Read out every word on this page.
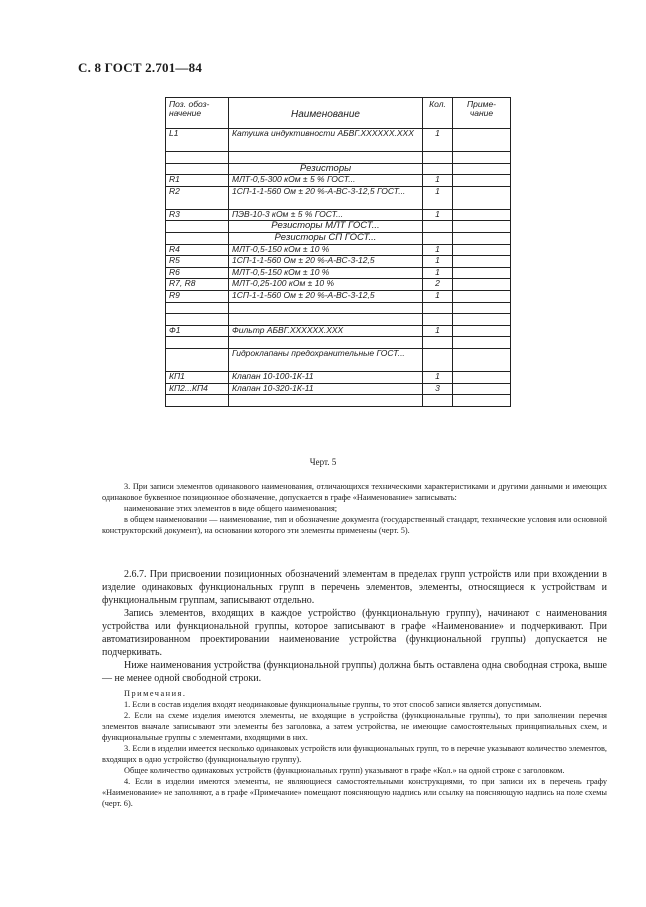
С. 8 ГОСТ 2.701—84
Поз. обоз-начение	Наименование	Кол.	Приме-чание
L1	Катушка индуктивности АБВГ.XXXXXX.XXX	1	

	Резисторы		
R1	МЛТ-0,5-300 кОм ± 5 % ГОСТ...	1	
R2	1СП-1-1-560 Ом ± 20 %-А-ВС-3-12,5 ГОСТ...	1	
R3	ПЭВ-10-3 кОм ± 5 % ГОСТ...	1	
	Резисторы МЛТ ГОСТ...		
	Резисторы СП ГОСТ...		
R4	МЛТ-0,5-150 кОм ± 10 %	1	
R5	1СП-1-1-560 Ом ± 20 %-А-ВС-3-12,5	1	
R6	МЛТ-0,5-150 кОм ± 10 %	1	
R7, R8	МЛТ-0,25-100 кОм ± 10 %	2	
R9	1СП-1-1-560 Ом ± 20 %-А-ВС-3-12,5	1	

Ф1	Фильтр АБВГ.XXXXXX.XXX	1	

	Гидроклапаны предохранительные ГОСТ...		
КП1	Клапан 10-100-1К-11	1	
КП2...КП4	Клапан 10-320-1К-11	3	

Черт. 5

3. При записи элементов одинакового наименования, отличающихся техническими характеристиками и другими данными и имеющих одинаковое буквенное позиционное обозначение, допускается в графе «Наименование» записывать:

наименование этих элементов в виде общего наименования;

в общем наименовании — наименование, тип и обозначение документа (государственный стандарт, технические условия или основной конструкторский документ), на основании которого эти элементы применены (черт. 5).

2.6.7. При присвоении позиционных обозначений элементам в пределах групп устройств или при вхождении в изделие одинаковых функциональных групп в перечень элементов, элементы, относящиеся к устройствам и функциональным группам, записывают отдельно.

Запись элементов, входящих в каждое устройство (функциональную группу), начинают с наименования устройства или функциональной группы, которое записывают в графе «Наименование» и подчеркивают. При автоматизированном проектировании наименование устройства (функциональной группы) допускается не подчеркивать.

Ниже наименования устройства (функциональной группы) должна быть оставлена одна свободная строка, выше — не менее одной свободной строки.

Примечания.

1. Если в состав изделия входят неодинаковые функциональные группы, то этот способ записи является допустимым.

2. Если на схеме изделия имеются элементы, не входящие в устройства (функциональные группы), то при заполнении перечня элементов вначале записывают эти элементы без заголовка, а затем устройства, не имеющие самостоятельных принципиальных схем, и функциональные группы с элементами, входящими в них.

3. Если в изделии имеется несколько одинаковых устройств или функциональных групп, то в перечне указывают количество элементов, входящих в одно устройство (функциональную группу).

Общее количество одинаковых устройств (функциональных групп) указывают в графе «Кол.» на одной строке с заголовком.

4. Если в изделии имеются элементы, не являющиеся самостоятельными конструкциями, то при записи их в перечень графу «Наименование» не заполняют, а в графе «Примечание» помещают поясняющую надпись или ссылку на поясняющую надпись на поле схемы (черт. 6).
